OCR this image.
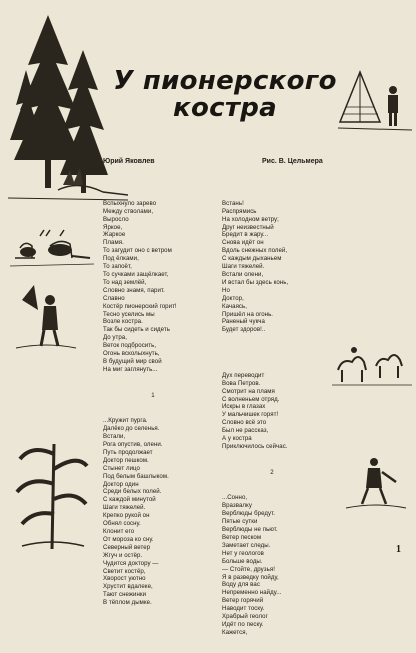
У пионерского
костра
Юрий Яковлев	Рис. В. Цельмера

Вспыхнуло зарево
Между стволами,
Выросло
Яркое,
Жаркое
Пламя.
То загудит оно с ветром
Под ёлками,
То запоёт,
То сучками защёлкает,
То над землёй,
Словно знамя, парит.
Славно
Костёр пионерский горит!
Тесно уселись мы
Возле костра.
Так бы сидеть и сидеть
До утра,
Веток подбросить,
Огонь всколыхнуть,
В будущий мир свой
На миг заглянуть...

1

...Кружит пурга.
Далёко до селенья.
Встали,
Рога опустив, олени.
Путь продолжает
Доктор пешком.
Стынет лицо
Под белым башлыком.
Доктор один
Среди белых полей.
С каждой минутой
Шаги тяжелей.
Крепко рукой он
Обнял сосну.
Клонит его
От мороза ко сну.
Северный ветер
Жгуч и остёр.
Чудится доктору —
Светит костёр,
Хворост уютно
Хрустит вдалеке,
Тают снежинки
В тёплом дымке.

Встань!
Распрямись
На холодном ветру;
Друг неизвестный
Бредит в жару...
Снова идёт он
Вдоль снежных полей,
С каждым дыханьем
Шаги тяжелей.
Встали олени,
И встал бы здесь конь,
Но
Доктор,
Качаясь,
Пришёл на огонь.
Раненый чукча
Будет здоров!..

Дух переводит
Вова Петров.
Смотрит на пламя
С волненьем отряд.
Искры в глазах
У мальчишек горят!
Словно всё это
Был не рассказ,
А у костра
Приключилось сейчас.

2

...Сонно,
Вразвалку
Верблюды бредут.
Пятые сутки
Верблюды не пьют.
Ветер песком
Заметает следы.
Нет у геологов
Больше воды.
— Стойте, друзья!
Я в разведку пойду,
Воду для вас
Непременно найду...
Ветер горячий
Наводит тоску.
Храбрый геолог
Идёт по песку.
Кажется,

1
